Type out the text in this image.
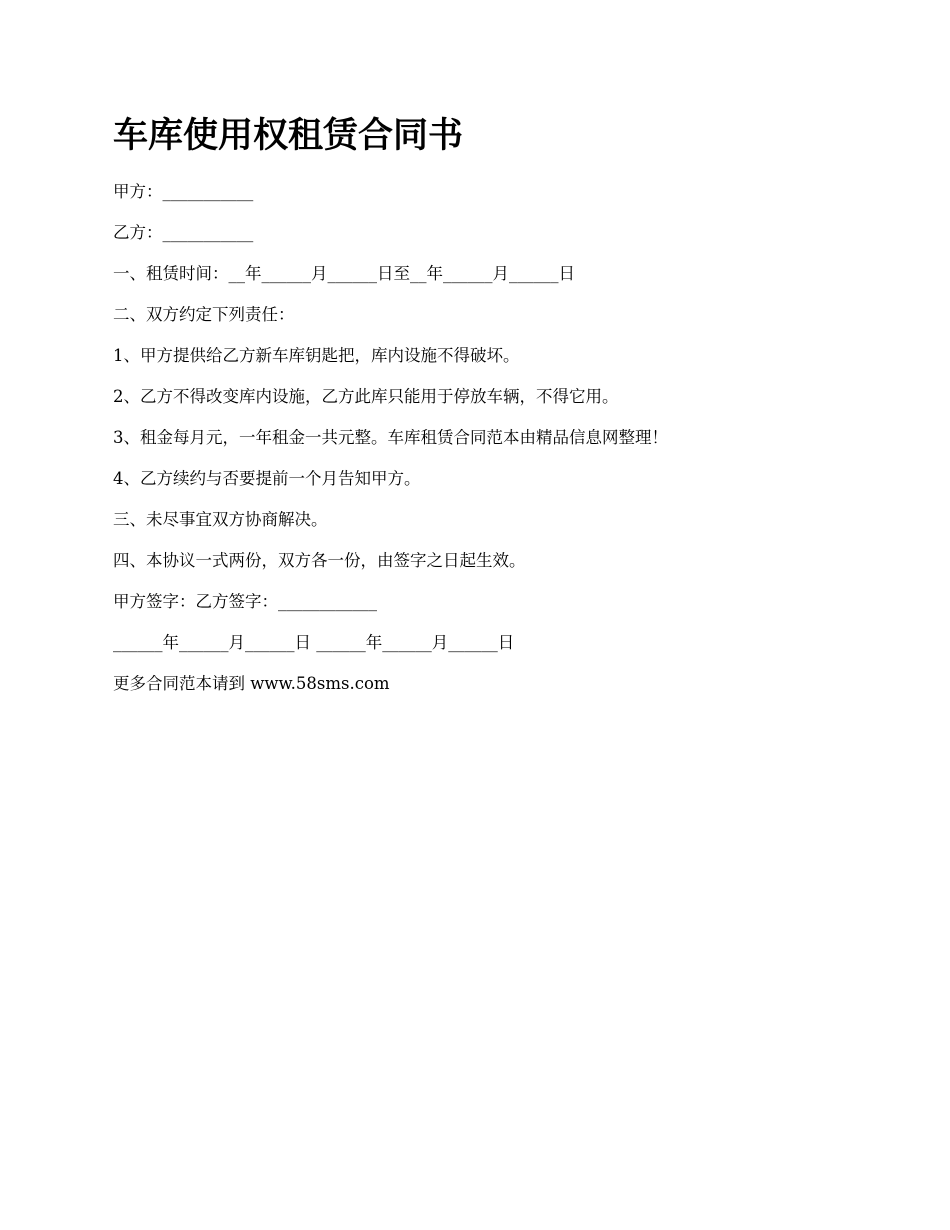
车库使用权租赁合同书

甲方：___________

乙方：___________

一、租赁时间：__年______月______日至__年______月______日

二、双方约定下列责任：

1、甲方提供给乙方新车库钥匙把，库内设施不得破坏。

2、乙方不得改变库内设施，乙方此库只能用于停放车辆，不得它用。

3、租金每月元，一年租金一共元整。车库租赁合同范本由精品信息网整理！

4、乙方续约与否要提前一个月告知甲方。

三、未尽事宜双方协商解决。

四、本协议一式两份，双方各一份，由签字之日起生效。

甲方签字：乙方签字：____________

______年______月______日 ______年______月______日

更多合同范本请到 www.58sms.com
